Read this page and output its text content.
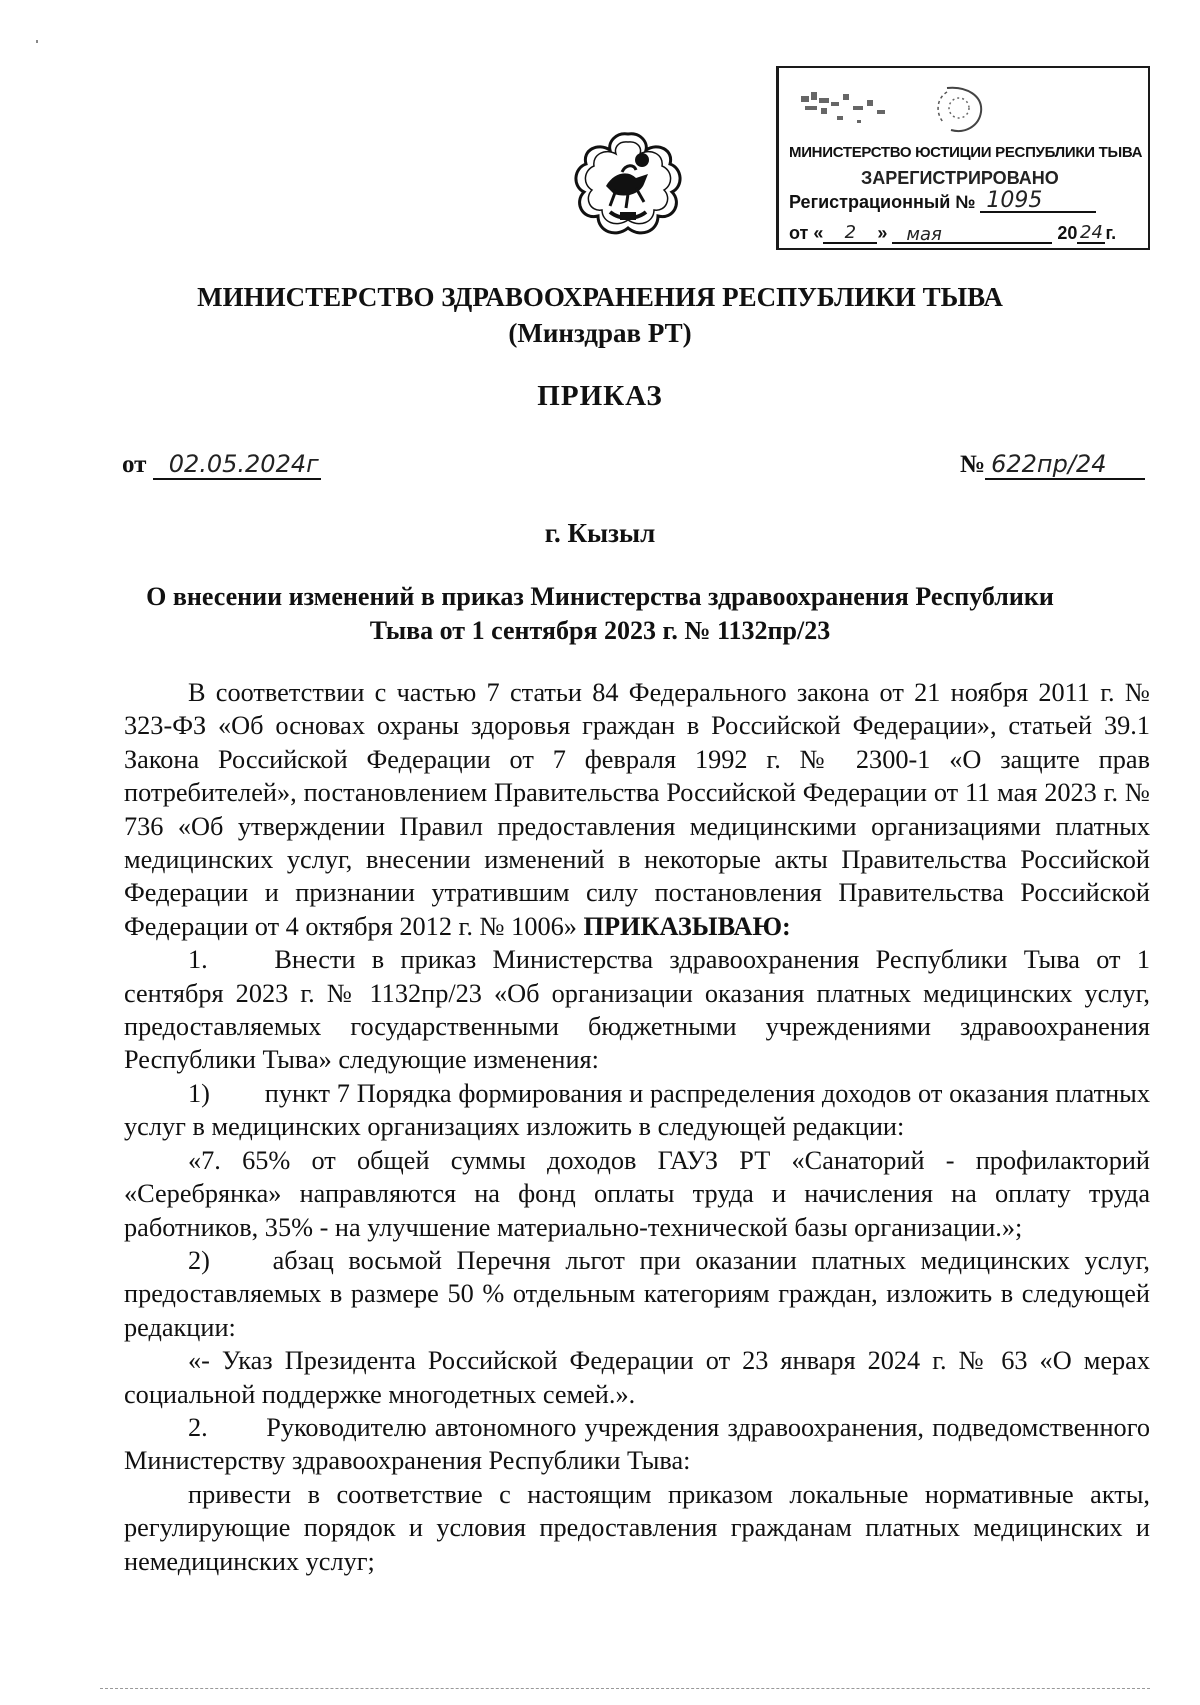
МИНИСТЕРСТВО ЮСТИЦИИ РЕСПУБЛИКИ ТЫВА
ЗАРЕГИСТРИРОВАНО
Регистрационный № 1095
от « 2 » мая	20 24 г.
МИНИСТЕРСТВО ЗДРАВООХРАНЕНИЯ РЕСПУБЛИКИ ТЫВА
(Минздрав РТ)
ПРИКАЗ
от 02.05.2024г	№ 622пр/24
г. Кызыл
О внесении изменений в приказ Министерства здравоохранения Республики
Тыва от 1 сентября 2023 г. № 1132пр/23

В соответствии с частью 7 статьи 84 Федерального закона от 21 ноября 2011 г. № 323-ФЗ «Об основах охраны здоровья граждан в Российской Федерации», статьей 39.1 Закона Российской Федерации от 7 февраля 1992 г. № 2300-1 «О защите прав потребителей», постановлением Правительства Российской Федерации от 11 мая 2023 г. № 736 «Об утверждении Правил предоставления медицинскими организациями платных медицинских услуг, внесении изменений в некоторые акты Правительства Российской Федерации и признании утратившим силу постановления Правительства Российской Федерации от 4 октября 2012 г. № 1006» ПРИКАЗЫВАЮ:

1.	Внести в приказ Министерства здравоохранения Республики Тыва от 1 сентября 2023 г. № 1132пр/23 «Об организации оказания платных медицинских услуг, предоставляемых государственными бюджетными учреждениями здравоохранения Республики Тыва» следующие изменения:

1) пункт 7 Порядка формирования и распределения доходов от оказания платных услуг в медицинских организациях изложить в следующей редакции:

«7. 65% от общей суммы доходов ГАУЗ РТ «Санаторий - профилакторий «Серебрянка» направляются на фонд оплаты труда и начисления на оплату труда работников, 35% - на улучшение материально-технической базы организации.»;

2) абзац восьмой Перечня льгот при оказании платных медицинских услуг, предоставляемых в размере 50 % отдельным категориям граждан, изложить в следующей редакции:

«- Указ Президента Российской Федерации от 23 января 2024 г. № 63 «О мерах социальной поддержке многодетных семей.».

2. Руководителю автономного учреждения здравоохранения, подведомственного Министерству здравоохранения Республики Тыва:

привести в соответствие с настоящим приказом локальные нормативные акты, регулирующие порядок и условия предоставления гражданам платных медицинских и немедицинских услуг;
